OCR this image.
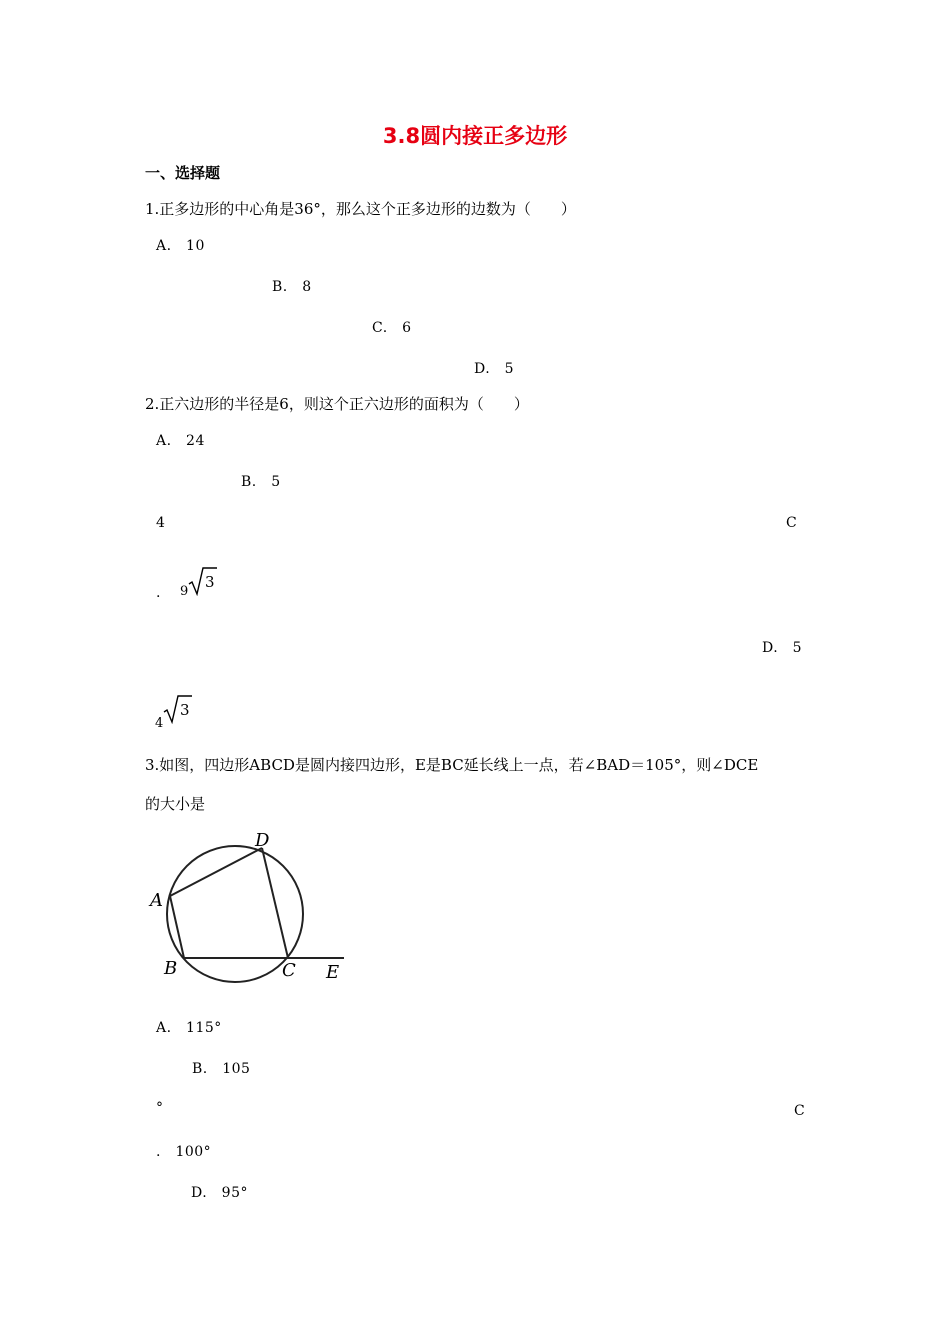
3.8圆内接正多边形
一、选择题
1.正多边形的中心角是36°，那么这个正多边形的边数为（　　）
A.　10
B.　8
C.　6
D.　5
2.正六边形的半径是6，则这个正六边形的面积为（　　）
A.　24
B.　5
4	C
. 9
3
D.　5
4
3
3.如图，四边形ABCD是圆内接四边形，E是BC延长线上一点，若∠BAD＝105°，则∠DCE
的大小是
A
B	C
D
E
A.　115°
B.　105
°	C
.　100°
D.　95°
